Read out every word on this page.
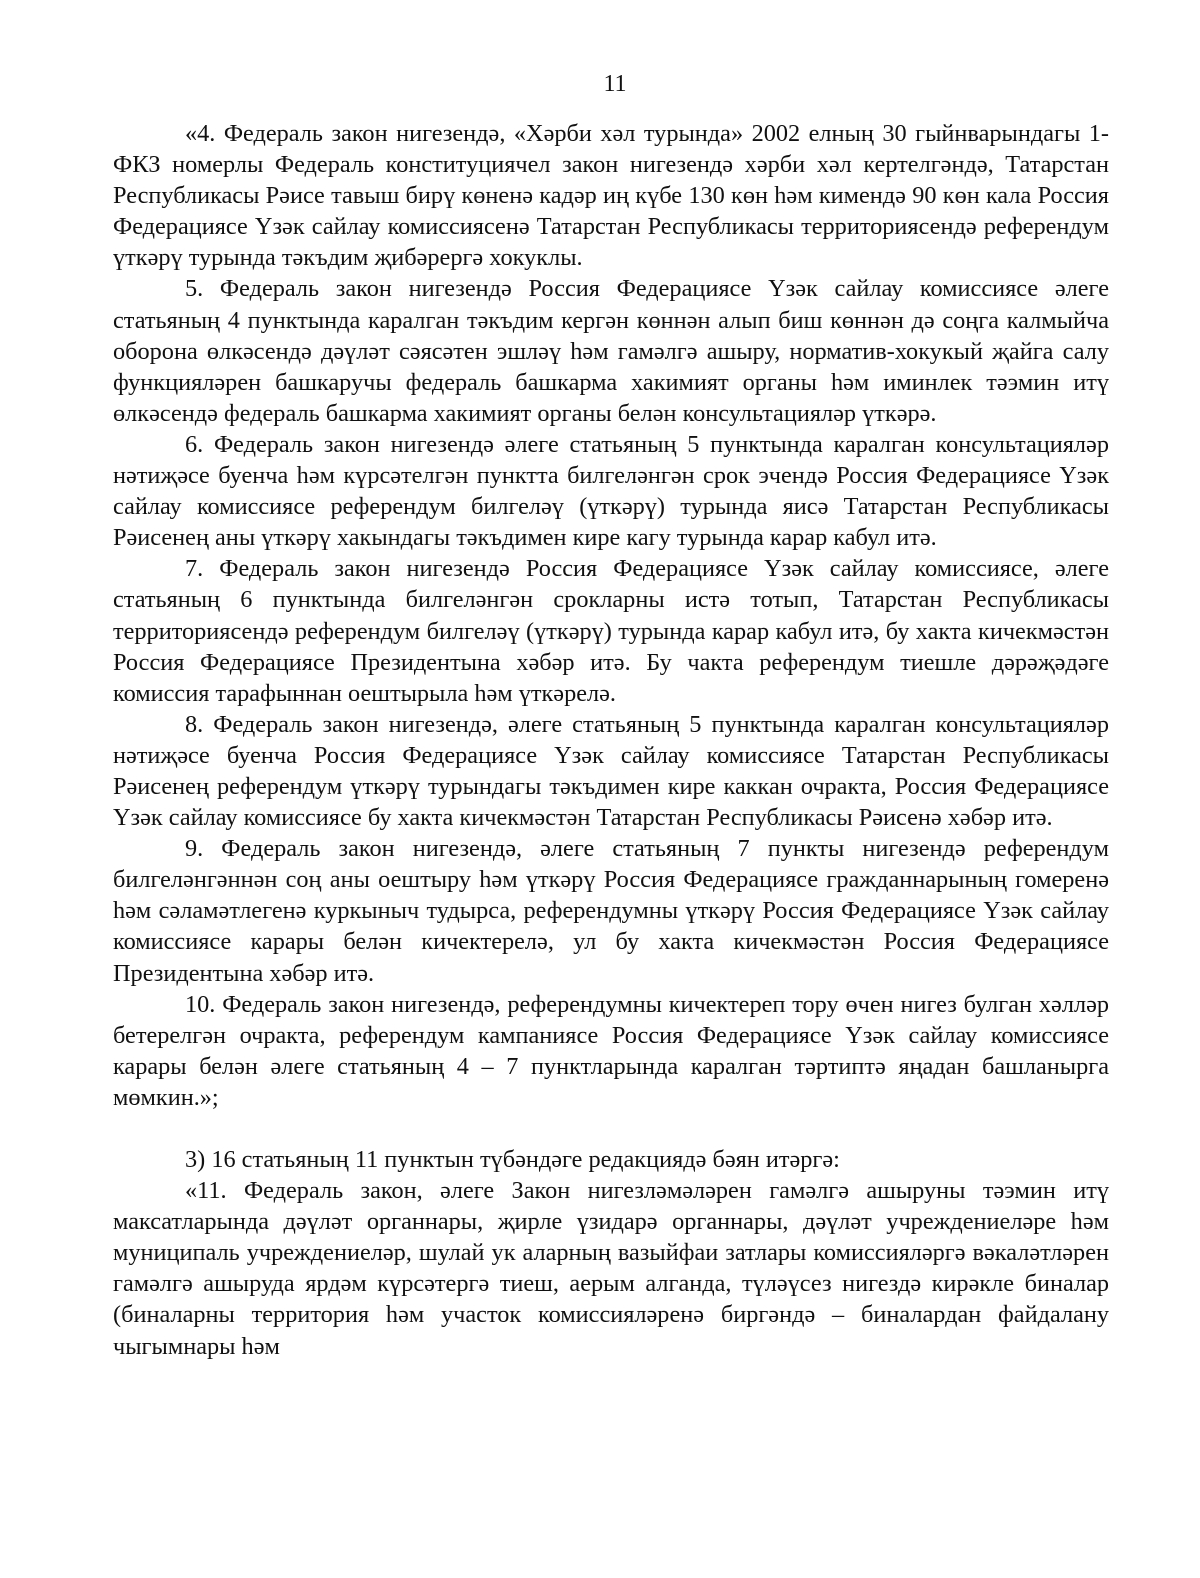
11

«4. Федераль закон нигезендә, «Хәрби хәл турында» 2002 елның 30 гыйнварындагы 1-ФКЗ номерлы Федераль конституциячел закон нигезендә хәрби хәл кертелгәндә, Татарстан Республикасы Рәисе тавыш бирү көненә кадәр иң күбе 130 көн һәм кимендә 90 көн кала Россия Федерациясе Үзәк сайлау комиссиясенә Татарстан Республикасы территориясендә референдум үткәрү турында тәкъдим җибәрергә хокуклы.

5. Федераль закон нигезендә Россия Федерациясе Үзәк сайлау комиссиясе әлеге статьяның 4 пунктында каралган тәкъдим кергән көннән алып биш көннән дә соңга калмыйча оборона өлкәсендә дәүләт сәясәтен эшләү һәм гамәлгә ашыру, норматив-хокукый җайга салу функцияләрен башкаручы федераль башкарма хакимият органы һәм иминлек тәэмин итү өлкәсендә федераль башкарма хакимият органы белән консультацияләр үткәрә.

6. Федераль закон нигезендә әлеге статьяның 5 пунктында каралган консультацияләр нәтиҗәсе буенча һәм күрсәтелгән пунктта билгеләнгән срок эчендә Россия Федерациясе Үзәк сайлау комиссиясе референдум билгеләү (үткәрү) турында яисә Татарстан Республикасы Рәисенең аны үткәрү хакындагы тәкъдимен кире кагу турында карар кабул итә.

7. Федераль закон нигезендә Россия Федерациясе Үзәк сайлау комиссиясе, әлеге статьяның 6 пунктында билгеләнгән срокларны истә тотып, Татарстан Республикасы территориясендә референдум билгеләү (үткәрү) турында карар кабул итә, бу хакта кичекмәстән Россия Федерациясе Президентына хәбәр итә. Бу чакта референдум тиешле дәрәҗәдәге комиссия тарафыннан оештырыла һәм үткәрелә.

8. Федераль закон нигезендә, әлеге статьяның 5 пунктында каралган консультацияләр нәтиҗәсе буенча Россия Федерациясе Үзәк сайлау комиссиясе Татарстан Республикасы Рәисенең референдум үткәрү турындагы тәкъдимен кире каккан очракта, Россия Федерациясе Үзәк сайлау комиссиясе бу хакта кичекмәстән Татарстан Республикасы Рәисенә хәбәр итә.

9. Федераль закон нигезендә, әлеге статьяның 7 пункты нигезендә референдум билгеләнгәннән соң аны оештыру һәм үткәрү Россия Федерациясе гражданнарының гомеренә һәм сәламәтлегенә куркыныч тудырса, референдумны үткәрү Россия Федерациясе Үзәк сайлау комиссиясе карары белән кичектерелә, ул бу хакта кичекмәстән Россия Федерациясе Президентына хәбәр итә.

10. Федераль закон нигезендә, референдумны кичектереп тору өчен нигез булган хәлләр бетерелгән очракта, референдум кампаниясе Россия Федерациясе Үзәк сайлау комиссиясе карары белән әлеге статьяның 4 – 7 пунктларында каралган тәртиптә яңадан башланырга мөмкин.»;

3) 16 статьяның 11 пунктын түбәндәге редакциядә бәян итәргә:

«11. Федераль закон, әлеге Закон нигезләмәләрен гамәлгә ашыруны тәэмин итү максатларында дәүләт органнары, җирле үзидарә органнары, дәүләт учреждениеләре һәм муниципаль учреждениеләр, шулай ук аларның вазыйфаи затлары комиссияләргә вәкаләтләрен гамәлгә ашыруда ярдәм күрсәтергә тиеш, аерым алганда, түләүсез нигездә кирәкле биналар (биналарны территория һәм участок комиссияләренә биргәндә – биналардан файдалану чыгымнары һәм
